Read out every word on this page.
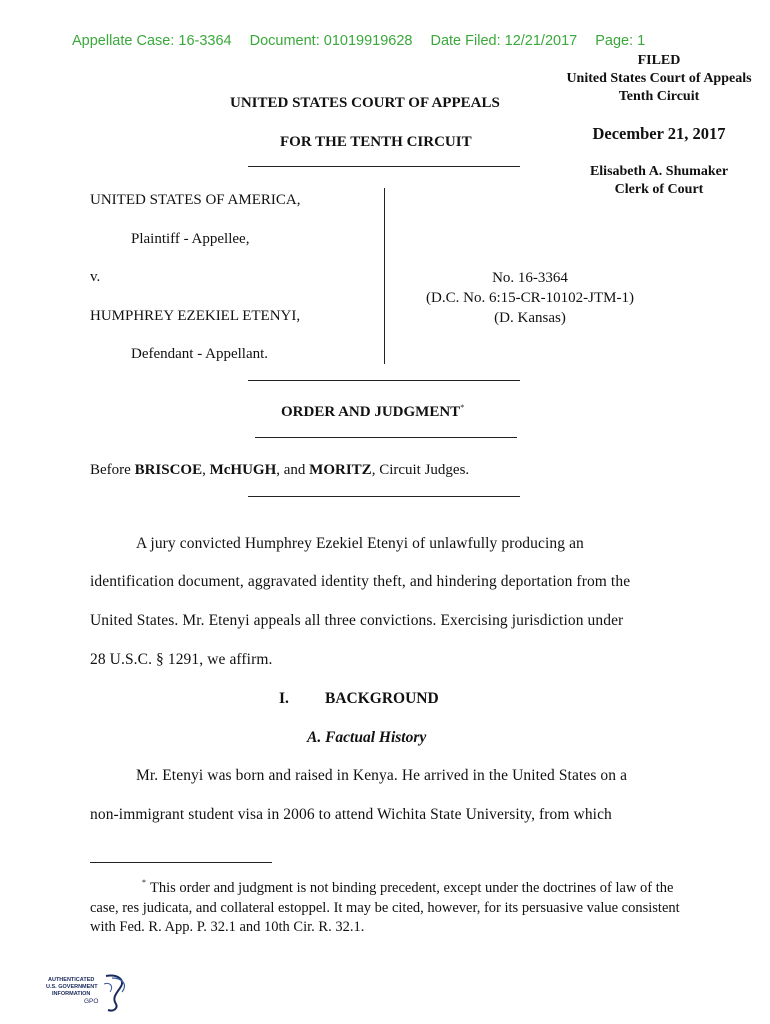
Appellate Case: 16-3364 Document: 01019919628 Date Filed: 12/21/2017 Page: 1
FILED
United States Court of Appeals
Tenth Circuit
December 21, 2017
Elisabeth A. Shumaker
Clerk of Court
UNITED STATES COURT OF APPEALS
FOR THE TENTH CIRCUIT
UNITED STATES OF AMERICA,
Plaintiff - Appellee,
v.
HUMPHREY EZEKIEL ETENYI,
Defendant - Appellant.
No. 16-3364
(D.C. No. 6:15-CR-10102-JTM-1)
(D. Kansas)
ORDER AND JUDGMENT*
Before BRISCOE, McHUGH, and MORITZ, Circuit Judges.
A jury convicted Humphrey Ezekiel Etenyi of unlawfully producing an
identification document, aggravated identity theft, and hindering deportation from the
United States. Mr. Etenyi appeals all three convictions. Exercising jurisdiction under
28 U.S.C. § 1291, we affirm.
I. BACKGROUND
A. Factual History
Mr. Etenyi was born and raised in Kenya. He arrived in the United States on a
non-immigrant student visa in 2006 to attend Wichita State University, from which
* This order and judgment is not binding precedent, except under the doctrines of law of the case, res judicata, and collateral estoppel. It may be cited, however, for its persuasive value consistent with Fed. R. App. P. 32.1 and 10th Cir. R. 32.1.
AUTHENTICATED
U.S. GOVERNMENT
INFORMATION
GPO
